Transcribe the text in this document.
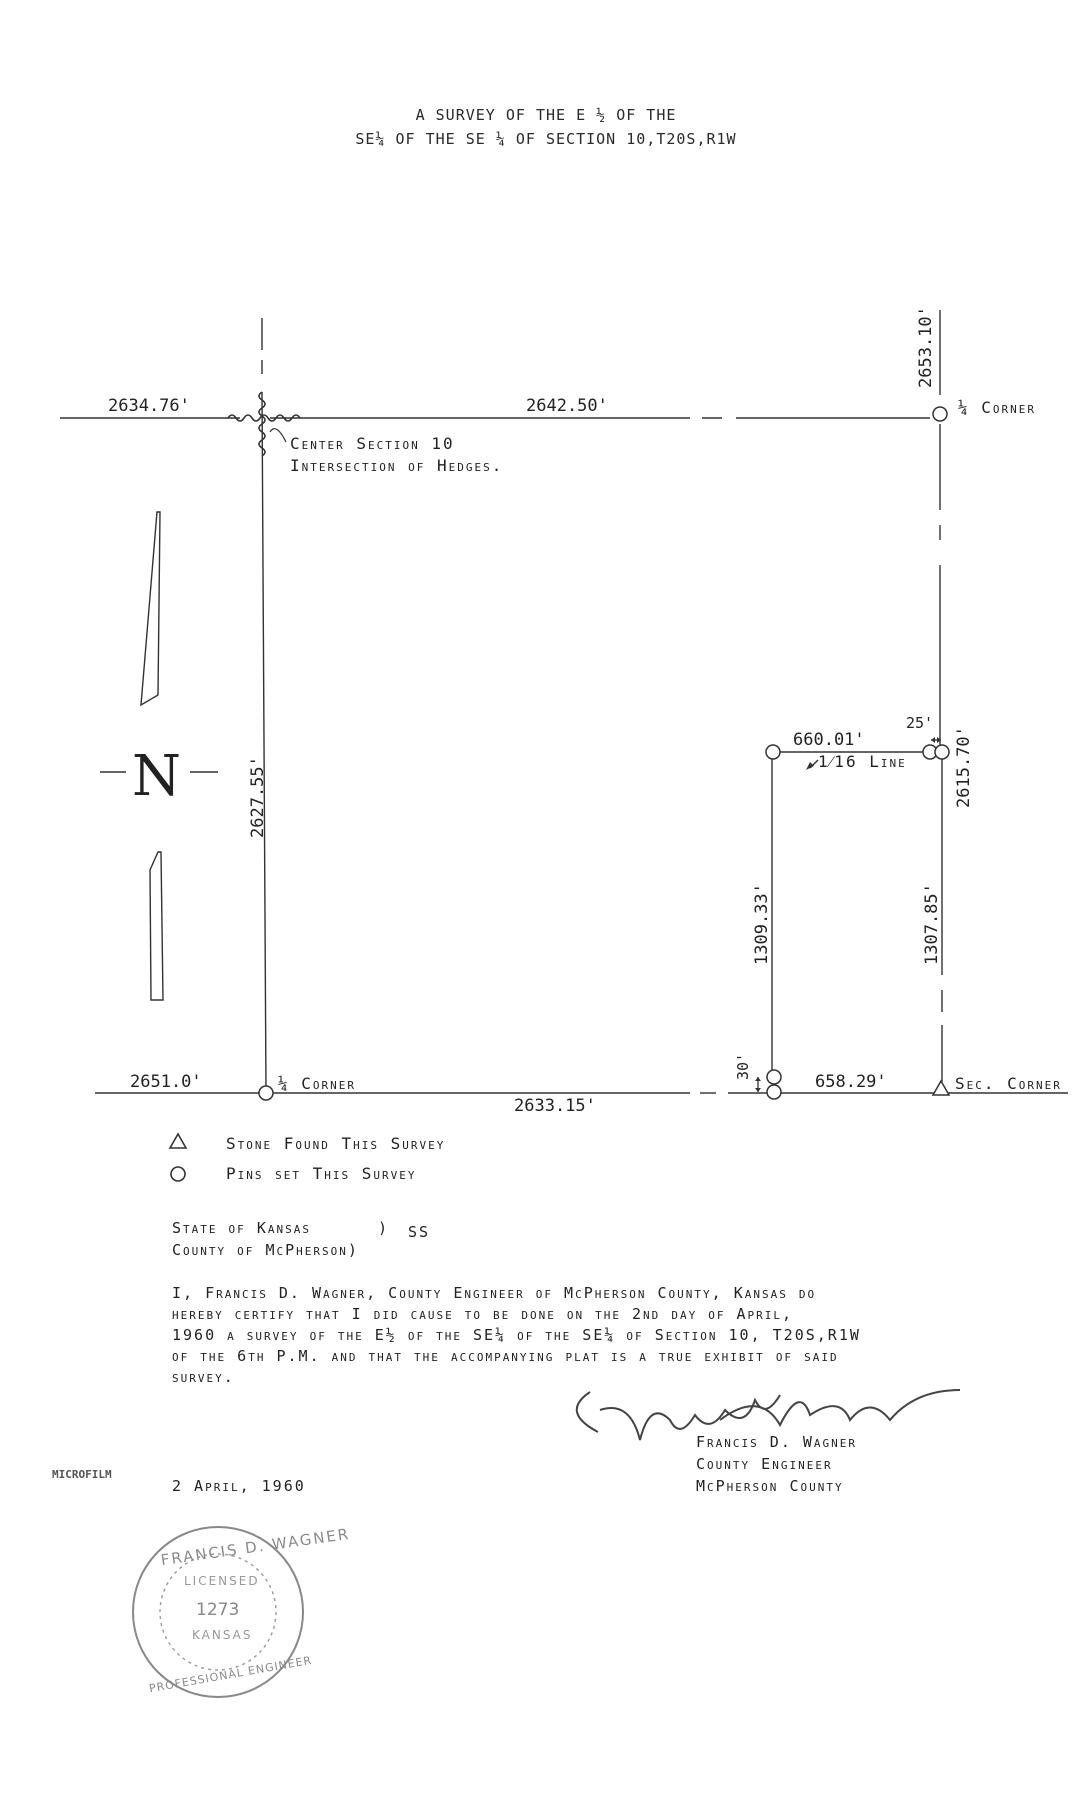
A SURVEY OF THE E ½ OF THE
SE¼ OF THE SE ¼ OF SECTION 10,T20S,R1W
N
2634.76'	2642.50'
2653.10'
2627.55'
2651.0'
2633.15'
658.29'
660.01'
1309.33'	1307.85'
2615.70'
25'
30'
Center Section 10
Intersection of Hedges.
¼ Corner
¼ Corner	Sec. Corner
1⁄16 Line
Stone Found This Survey
Pins set This Survey
State of Kansas	) SS
County of McPherson)
I, Francis D. Wagner, County Engineer of McPherson County, Kansas do
hereby certify that I did cause to be done on the 2nd day of April,
1960 a survey of the E½ of the SE¼ of the SE¼ of Section 10, T20S,R1W
of the 6th P.M. and that the accompanying plat is a true exhibit of said
survey.
Francis D. Wagner
County Engineer
McPherson County
2 April, 1960
MICROFILM
FRANCIS D. WAGNER
LICENSED
1273
KANSAS
PROFESSIONAL ENGINEER
